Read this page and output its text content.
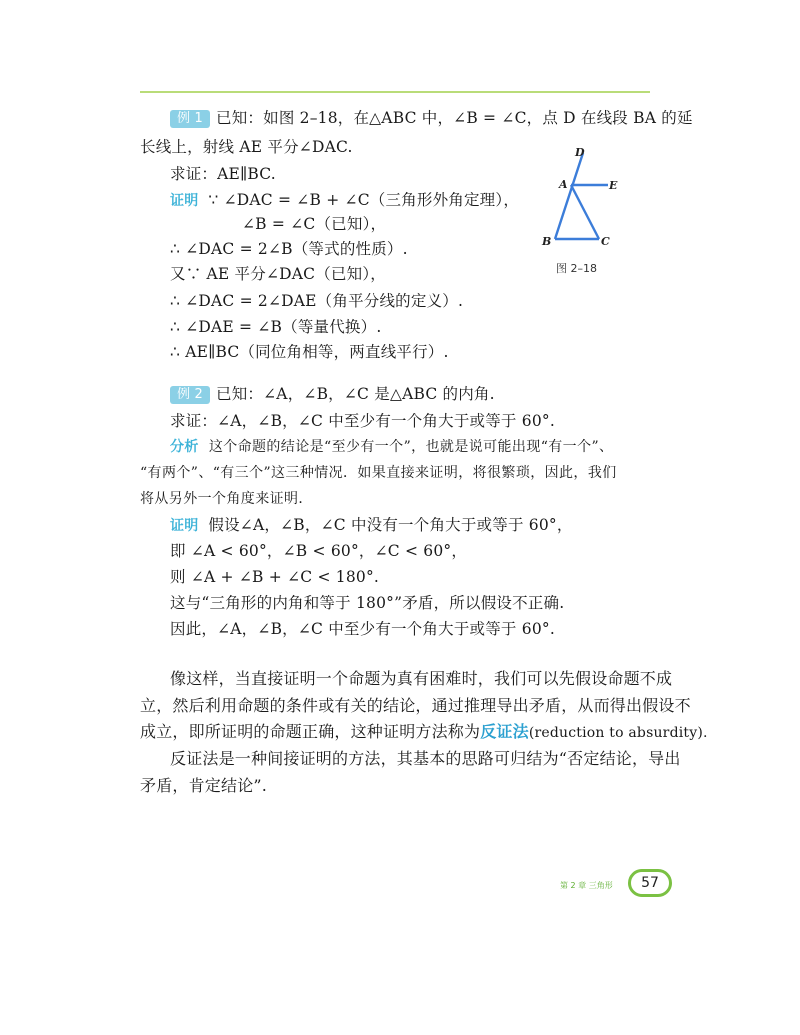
例 1 已知：如图 2–18，在△ABC 中，∠B = ∠C，点 D 在线段 BA 的延
长线上，射线 AE 平分∠DAC.
求证：AE∥BC.
证明 ∵ ∠DAC = ∠B + ∠C（三角形外角定理），
∠B = ∠C（已知），
∴ ∠DAC = 2∠B（等式的性质）.
又∵ AE 平分∠DAC（已知），
∴ ∠DAC = 2∠DAE（角平分线的定义）.
∴ ∠DAE = ∠B（等量代换）.
∴ AE∥BC（同位角相等，两直线平行）.
D
A	E
B	C
图 2–18
例 2 已知：∠A，∠B，∠C 是△ABC 的内角.
求证：∠A，∠B，∠C 中至少有一个角大于或等于 60°.
分析 这个命题的结论是“至少有一个”，也就是说可能出现“有一个”、
“有两个”、“有三个”这三种情况．如果直接来证明，将很繁琐，因此，我们
将从另外一个角度来证明．
证明 假设∠A，∠B，∠C 中没有一个角大于或等于 60°，
即 ∠A < 60°，∠B < 60°，∠C < 60°，
则 ∠A + ∠B + ∠C < 180°.
这与“三角形的内角和等于 180°”矛盾，所以假设不正确.
因此，∠A，∠B，∠C 中至少有一个角大于或等于 60°.
像这样，当直接证明一个命题为真有困难时，我们可以先假设命题不成
立，然后利用命题的条件或有关的结论，通过推理导出矛盾，从而得出假设不
成立，即所证明的命题正确，这种证明方法称为反证法(reduction to absurdity).
反证法是一种间接证明的方法，其基本的思路可归结为“否定结论，导出
矛盾，肯定结论”.
第 2 章 三角形 57
